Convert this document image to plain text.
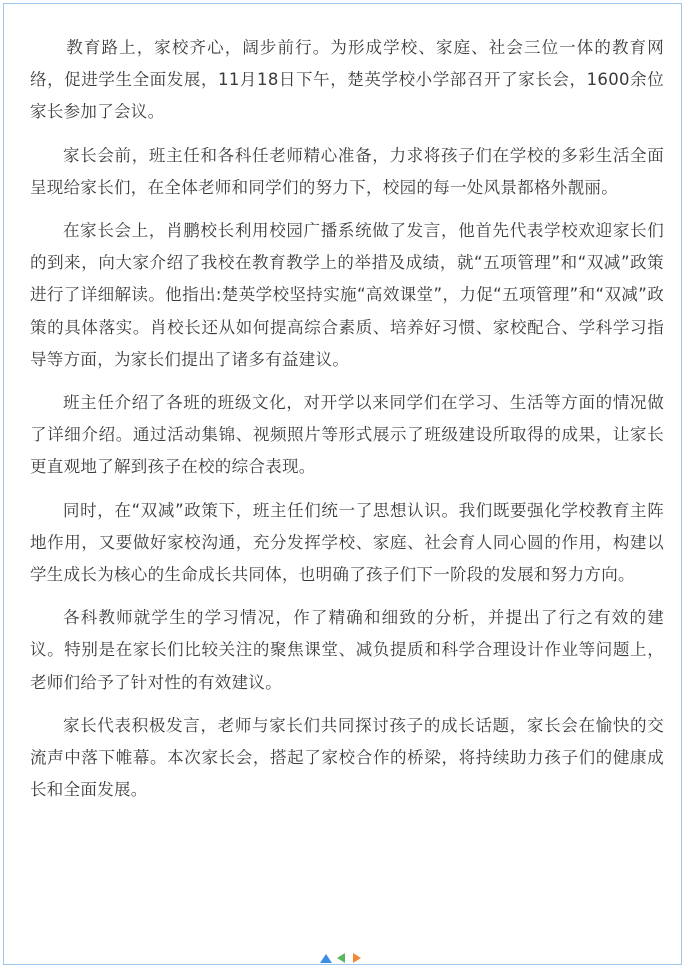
教育路上，家校齐心，阔步前行。为形成学校、家庭、社会三位一体的教育网络，促进学生全面发展，11月18日下午，楚英学校小学部召开了家长会，1600余位家长参加了会议。

家长会前，班主任和各科任老师精心准备，力求将孩子们在学校的多彩生活全面呈现给家长们，在全体老师和同学们的努力下，校园的每一处风景都格外靓丽。

在家长会上，肖鹏校长利用校园广播系统做了发言，他首先代表学校欢迎家长们的到来，向大家介绍了我校在教育教学上的举措及成绩，就“五项管理”和“双减”政策进行了详细解读。他指出:楚英学校坚持实施“高效课堂”，力促“五项管理”和“双减”政策的具体落实。肖校长还从如何提高综合素质、培养好习惯、家校配合、学科学习指导等方面，为家长们提出了诸多有益建议。

班主任介绍了各班的班级文化，对开学以来同学们在学习、生活等方面的情况做了详细介绍。通过活动集锦、视频照片等形式展示了班级建设所取得的成果，让家长更直观地了解到孩子在校的综合表现。

同时，在“双减”政策下，班主任们统一了思想认识。我们既要强化学校教育主阵地作用，又要做好家校沟通，充分发挥学校、家庭、社会育人同心圆的作用，构建以学生成长为核心的生命成长共同体，也明确了孩子们下一阶段的发展和努力方向。

各科教师就学生的学习情况，作了精确和细致的分析，并提出了行之有效的建议。特别是在家长们比较关注的聚焦课堂、减负提质和科学合理设计作业等问题上，老师们给予了针对性的有效建议。

家长代表积极发言，老师与家长们共同探讨孩子的成长话题，家长会在愉快的交流声中落下帷幕。本次家长会，搭起了家校合作的桥梁，将持续助力孩子们的健康成长和全面发展。
